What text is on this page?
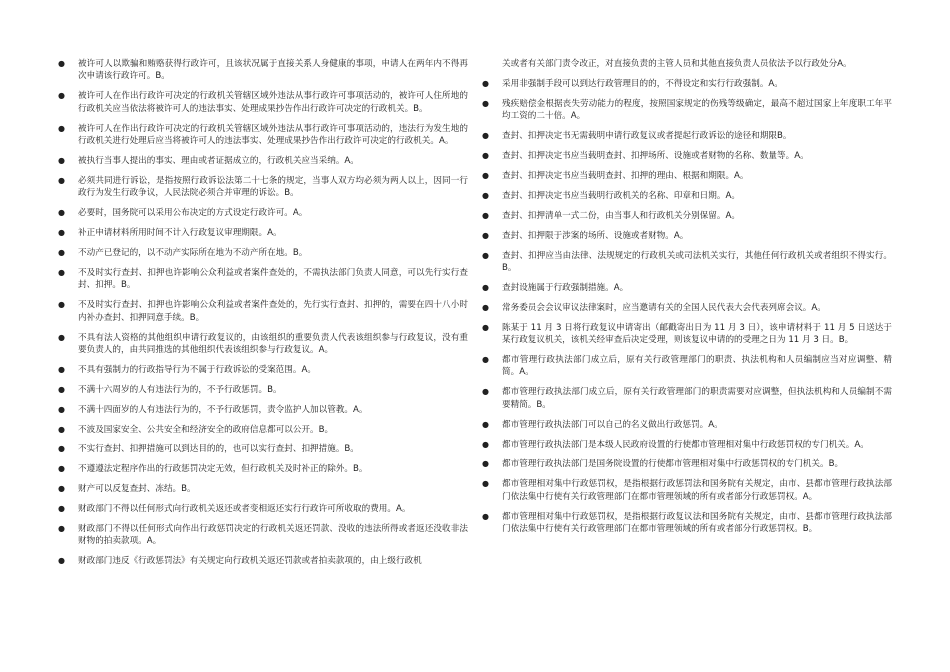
● 被许可人以欺骗和贿赂获得行政许可，且该状况属于直接关系人身健康的事项，申请人在两年内不得再次申请该行政许可。B。
● 被许可人在作出行政许可决定的行政机关管辖区域外违法从事行政许可事项活动的，被许可人住所地的行政机关应当依法将被许可人的违法事实、处理成果抄告作出行政许可决定的行政机关。B。
● 被许可人在作出行政许可决定的行政机关管辖区域外违法从事行政许可事项活动的，违法行为发生地的行政机关进行处理后应当将被许可人的违法事实、处理成果抄告作出行政许可决定的行政机关。A。
● 被执行当事人提出的事实、理由或者证据成立的，行政机关应当采纳。A。
● 必须共同进行诉讼，是指按照行政诉讼法第二十七条的规定，当事人双方均必须为两人以上，因同一行政行为发生行政争议，人民法院必须合并审理的诉讼。B。
● 必要时，国务院可以采用公布决定的方式设定行政许可。A。
● 补正申请材料所用时间不计入行政复议审理期限。A。
● 不动产已登记的，以不动产实际所在地为不动产所在地。B。
● 不及时实行查封、扣押也许影响公众利益或者案件查处的，不需执法部门负责人同意，可以先行实行查封、扣押。B。
● 不及时实行查封、扣押也许影响公众利益或者案件查处的，先行实行查封、扣押的，需要在四十八小时内补办查封、扣押同意手续。B。
● 不具有法人资格的其他组织申请行政复议的，由该组织的重要负责人代表该组织参与行政复议，没有重要负责人的，由共同推选的其他组织代表该组织参与行政复议。A。
● 不具有强制力的行政指导行为不属于行政诉讼的受案范围。A。
● 不满十六周岁的人有违法行为的，不予行政惩罚。B。
● 不满十四面岁的人有违法行为的，不予行政惩罚，责令监护人加以管教。A。
● 不波及国家安全、公共安全和经济安全的政府信息都可以公开。B。
● 不实行查封、扣押措施可以到达目的的，也可以实行查封、扣押措施。B。
● 不遵遵法定程序作出的行政惩罚决定无效，但行政机关及时补正的除外。B。
● 财产可以反复查封、冻结。B。
● 财政部门不得以任何形式向行政机关返还或者变相返还实行行政许可所收取的费用。A。
● 财政部门不得以任何形式向作出行政惩罚决定的行政机关返还罚款、没收的违法所得或者返还没收非法财物的拍卖款项。A。
● 财政部门违反《行政惩罚法》有关规定向行政机关返还罚款或者拍卖款项的，由上级行政机
关或者有关部门责令改正，对直接负责的主管人员和其他直接负责人员依法予以行政处分A。
● 采用非强制手段可以到达行政管理目的的，不得设定和实行行政强制。A。
● 残疾赔偿金根据丧失劳动能力的程度，按照国家规定的伤残等级确定，最高不超过国家上年度职工年平均工资的二十倍。A。
● 查封、扣押决定书无需载明申请行政复议或者提起行政诉讼的途径和期限B。
● 查封、扣押决定书应当载明查封、扣押场所、设施或者财物的名称、数量等。A。
● 查封、扣押决定书应当载明查封、扣押的理由、根据和期限。A。
● 查封、扣押决定书应当载明行政机关的名称、印章和日期。A。
● 查封、扣押清单一式二份，由当事人和行政机关分别保留。A。
● 查封、扣押限于涉案的场所、设施或者财物。A。
● 查封、扣押应当由法律、法规规定的行政机关或司法机关实行，其他任何行政机关或者组织不得实行。B。
● 查封设施属于行政强制措施。A。
● 常务委员会会议审议法律案时，应当邀请有关的全国人民代表大会代表列席会议。A。
● 陈某于 11 月 3 日将行政复议申请寄出（邮戳寄出日为 11 月 3 日），该申请材料于 11 月 5 日送达于某行政复议机关，该机关经审查后决定受理，则该复议申请的的受理之日为 11 月 3 日。B。
● 都市管理行政执法部门成立后，原有关行政管理部门的职责、执法机构和人员编制应当对应调整、精简。A。
● 都市管理行政执法部门成立后，原有关行政管理部门的职责需要对应调整，但执法机构和人员编制不需要精简。B。
● 都市管理行政执法部门可以自己的名义做出行政惩罚。A。
● 都市管理行政执法部门是本级人民政府设置的行使都市管理相对集中行政惩罚权的专门机关。A。
● 都市管理行政执法部门是国务院设置的行使都市管理相对集中行政惩罚权的专门机关。B。
● 都市管理相对集中行政惩罚权，是指根据行政惩罚法和国务院有关规定，由市、县都市管理行政执法部门依法集中行使有关行政管理部门在都市管理领域的所有或者部分行政惩罚权。A。
● 都市管理相对集中行政惩罚权，是指根据行政复议法和国务院有关规定，由市、县都市管理行政执法部门依法集中行使有关行政管理部门在都市管理领域的所有或者部分行政惩罚权。B。
